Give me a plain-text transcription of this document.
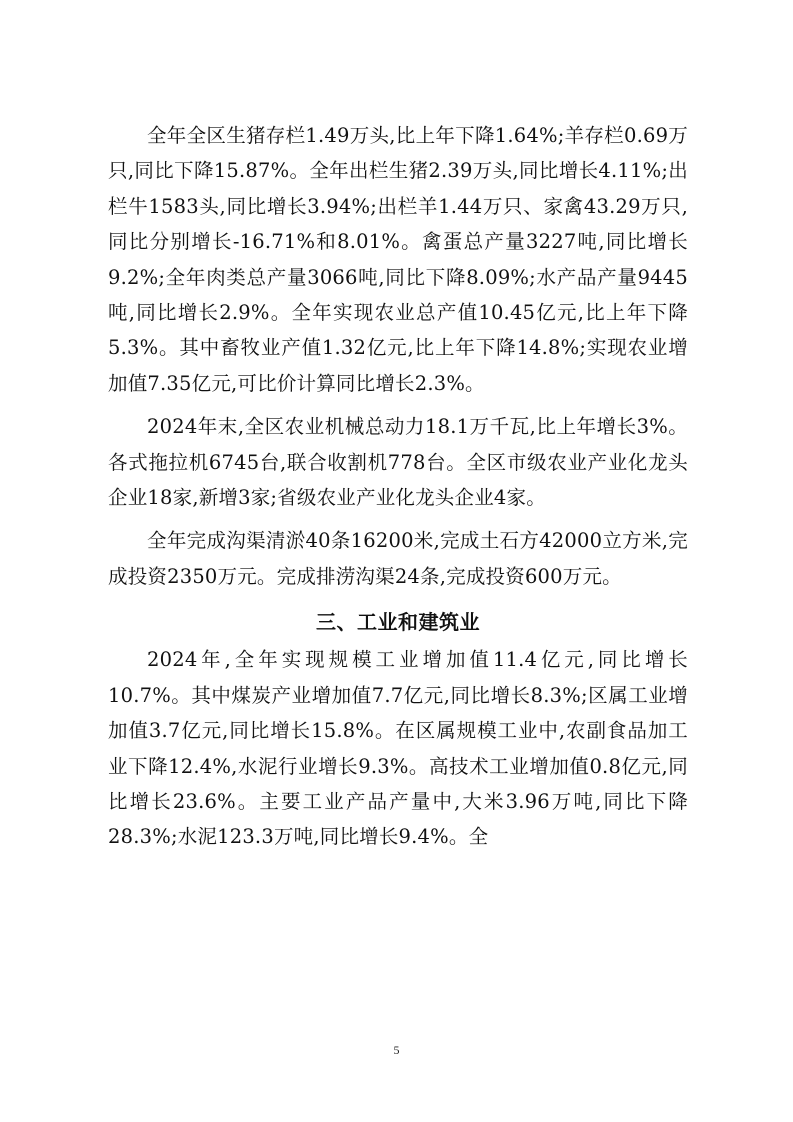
全年全区生猪存栏1.49万头,比上年下降1.64%;羊存栏0.69万只,同比下降15.87%。全年出栏生猪2.39万头,同比增长4.11%;出栏牛1583头,同比增长3.94%;出栏羊1.44万只、家禽43.29万只,同比分别增长-16.71%和8.01%。禽蛋总产量3227吨,同比增长9.2%;全年肉类总产量3066吨,同比下降8.09%;水产品产量9445吨,同比增长2.9%。全年实现农业总产值10.45亿元,比上年下降5.3%。其中畜牧业产值1.32亿元,比上年下降14.8%;实现农业增加值7.35亿元,可比价计算同比增长2.3%。

2024年末,全区农业机械总动力18.1万千瓦,比上年增长3%。各式拖拉机6745台,联合收割机778台。全区市级农业产业化龙头企业18家,新增3家;省级农业产业化龙头企业4家。

全年完成沟渠清淤40条16200米,完成土石方42000立方米,完成投资2350万元。完成排涝沟渠24条,完成投资600万元。

三、工业和建筑业

2024年,全年实现规模工业增加值11.4亿元,同比增长10.7%。其中煤炭产业增加值7.7亿元,同比增长8.3%;区属工业增加值3.7亿元,同比增长15.8%。在区属规模工业中,农副食品加工业下降12.4%,水泥行业增长9.3%。高技术工业增加值0.8亿元,同比增长23.6%。主要工业产品产量中,大米3.96万吨,同比下降28.3%;水泥123.3万吨,同比增长9.4%。全

5
